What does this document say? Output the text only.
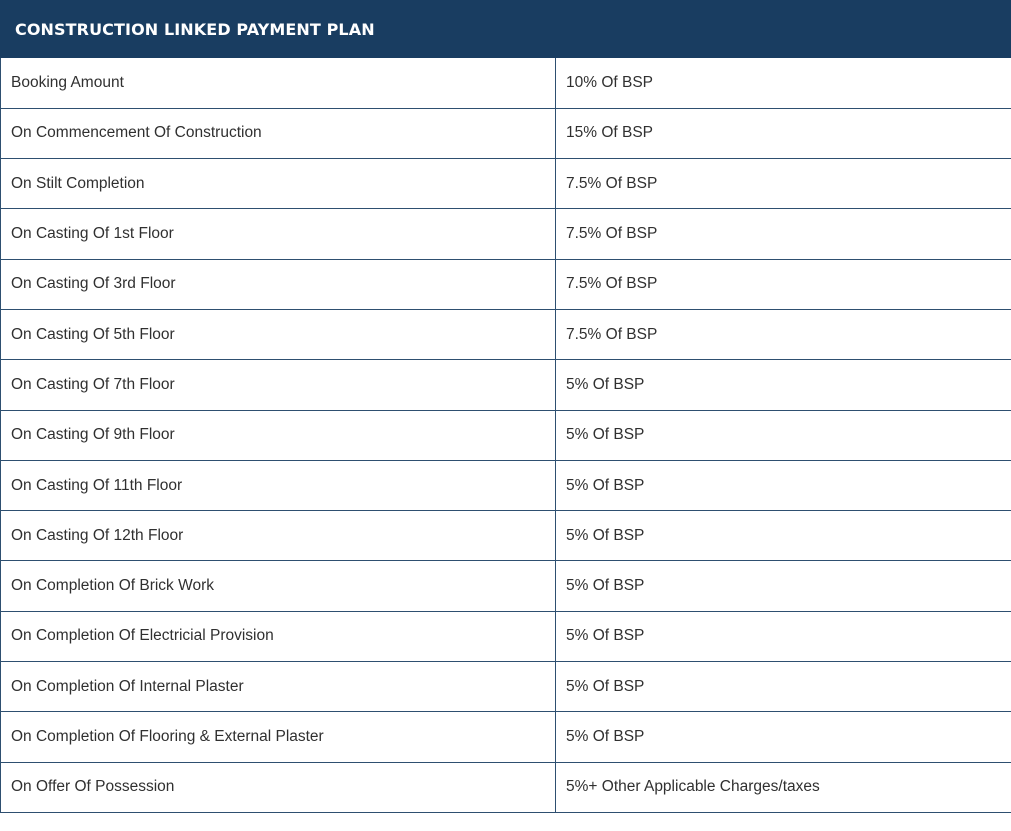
CONSTRUCTION LINKED PAYMENT PLAN
Booking Amount	10% Of BSP
On Commencement Of Construction	15% Of BSP
On Stilt Completion	7.5% Of BSP
On Casting Of 1st Floor	7.5% Of BSP
On Casting Of 3rd Floor	7.5% Of BSP
On Casting Of 5th Floor	7.5% Of BSP
On Casting Of 7th Floor	5% Of BSP
On Casting Of 9th Floor	5% Of BSP
On Casting Of 11th Floor	5% Of BSP
On Casting Of 12th Floor	5% Of BSP
On Completion Of Brick Work	5% Of BSP
On Completion Of Electricial Provision	5% Of BSP
On Completion Of Internal Plaster	5% Of BSP
On Completion Of Flooring & External Plaster	5% Of BSP
On Offer Of Possession	5%+ Other Applicable Charges/taxes
